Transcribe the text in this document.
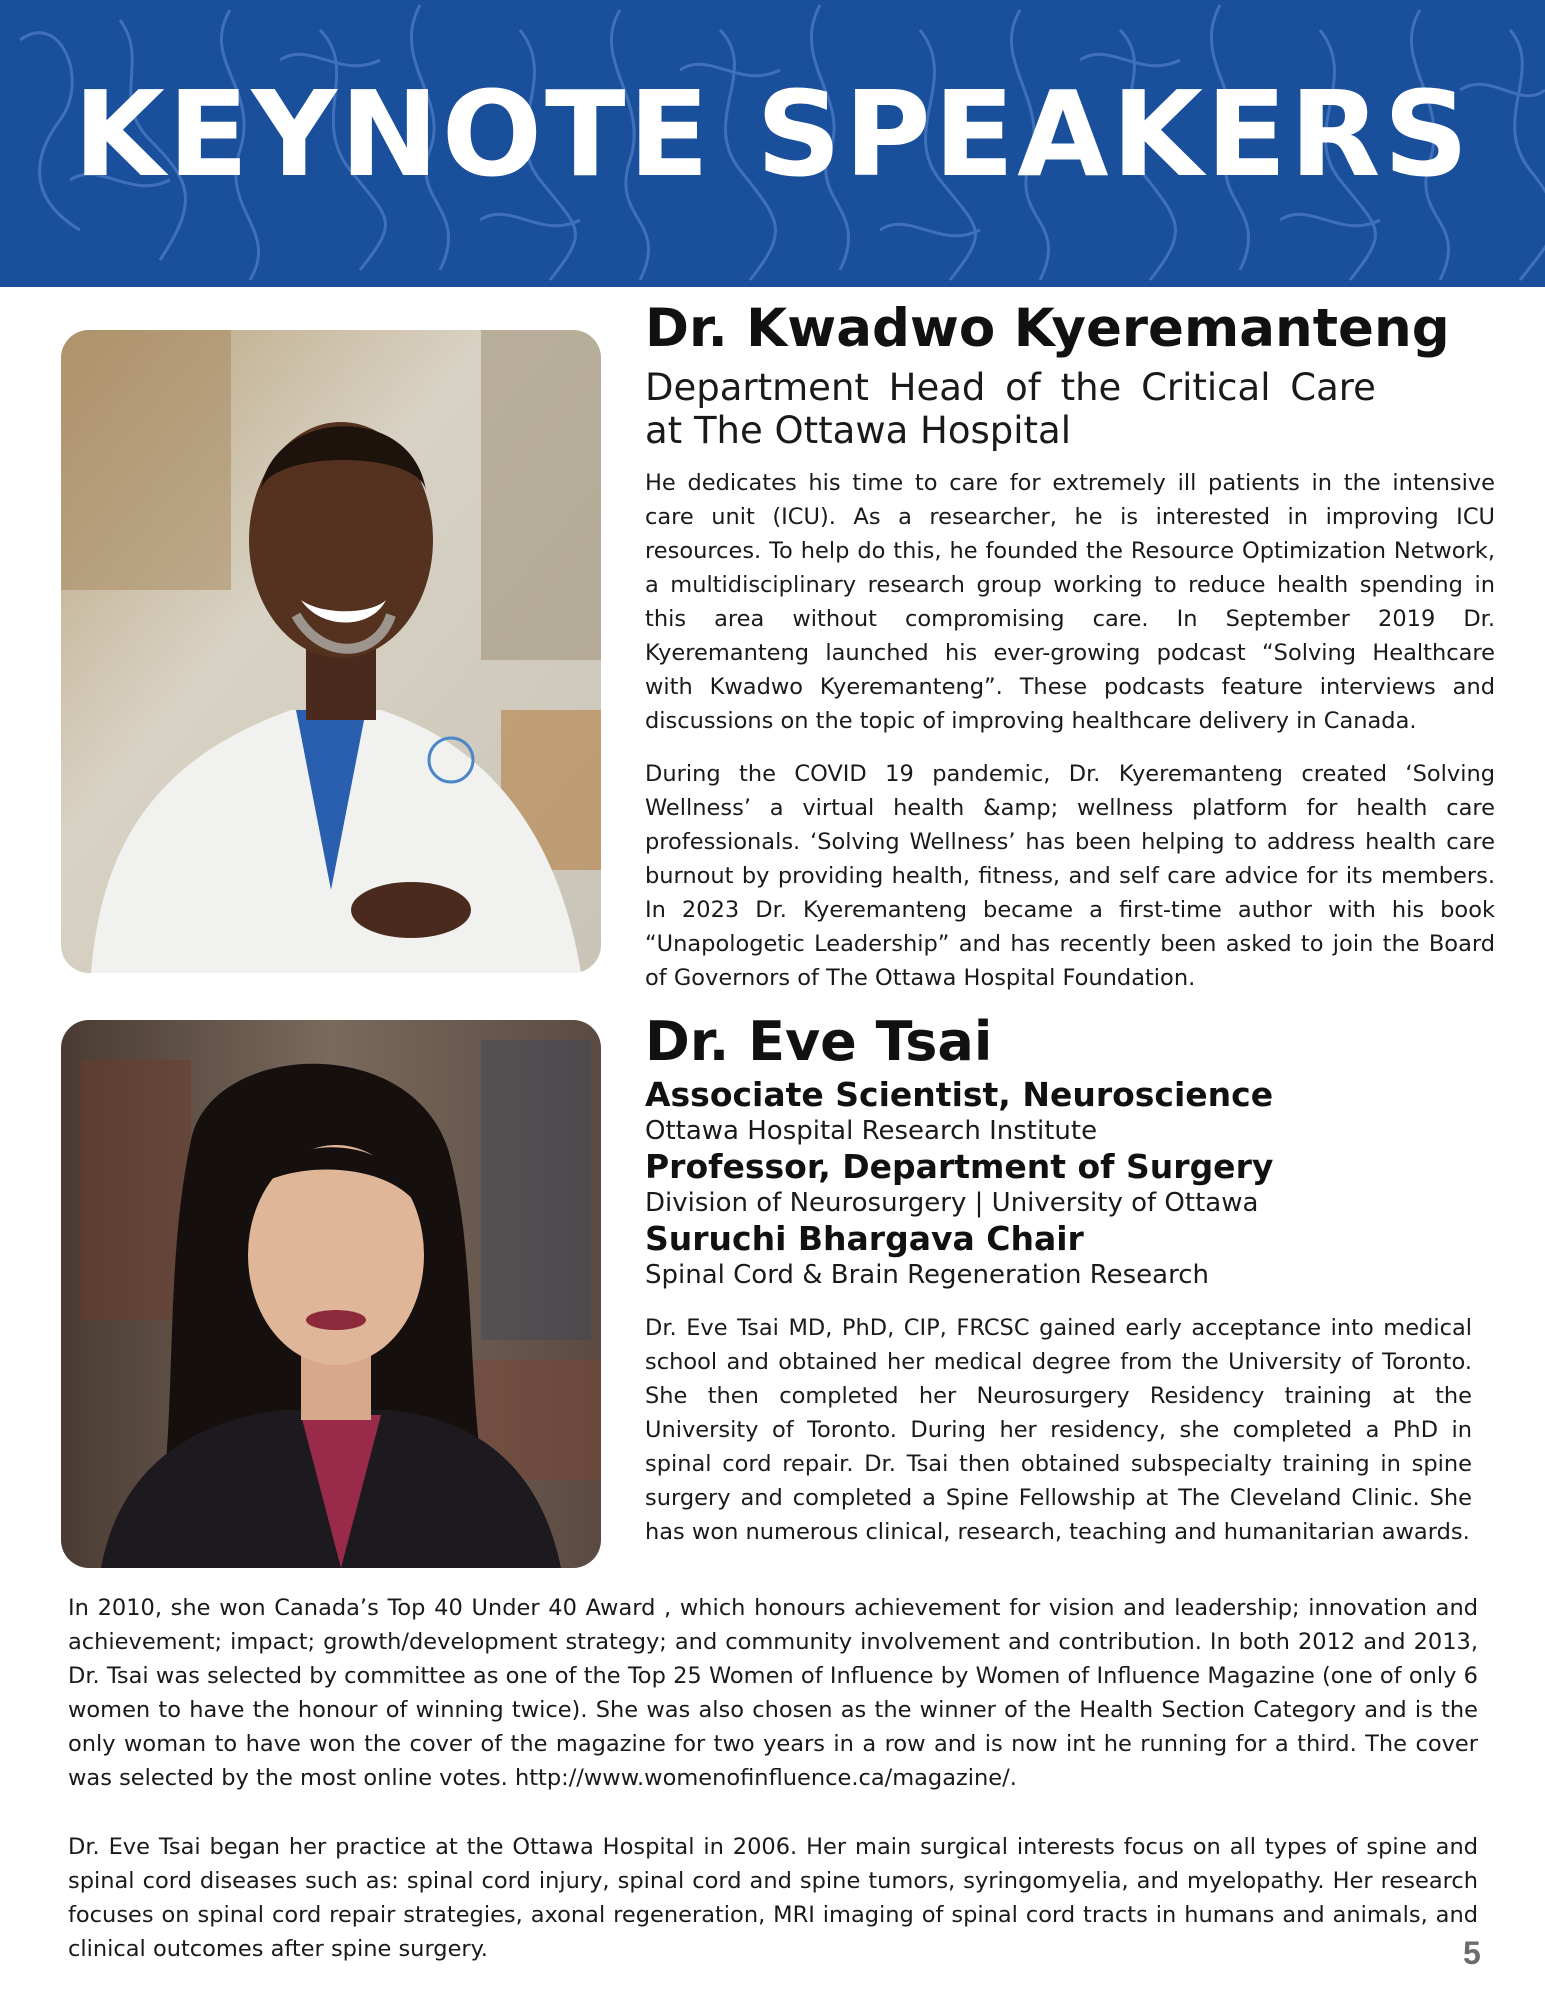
KEYNOTE SPEAKERS
Dr. Kwadwo Kyeremanteng

Department Head of the Critical Care
at The Ottawa Hospital

He dedicates his time to care for extremely ill patients in the intensive care unit (ICU). As a researcher, he is interested in improving ICU resources. To help do this, he founded the Resource Optimization Network, a multidisciplinary research group working to reduce health spending in this area without compromising care. In September 2019 Dr. Kyeremanteng launched his ever-growing podcast “Solving Healthcare with Kwadwo Kyeremanteng”. These podcasts feature interviews and discussions on the topic of improving healthcare delivery in Canada.

During the COVID 19 pandemic, Dr. Kyeremanteng created ‘Solving Wellness’ a virtual health &amp; wellness platform for health care professionals. ‘Solving Wellness’ has been helping to address health care burnout by providing health, fitness, and self care advice for its members. In 2023 Dr. Kyeremanteng became a first-time author with his book “Unapologetic Leadership” and has recently been asked to join the Board of Governors of The Ottawa Hospital Foundation.

Dr. Eve Tsai
Associate Scientist, Neuroscience
Ottawa Hospital Research Institute
Professor, Department of Surgery
Division of Neurosurgery | University of Ottawa
Suruchi Bhargava Chair
Spinal Cord & Brain Regeneration Research

Dr. Eve Tsai MD, PhD, CIP, FRCSC gained early acceptance into medical school and obtained her medical degree from the University of Toronto. She then completed her Neurosurgery Residency training at the University of Toronto. During her residency, she completed a PhD in spinal cord repair. Dr. Tsai then obtained subspecialty training in spine surgery and completed a Spine Fellowship at The Cleveland Clinic. She has won numerous clinical, research, teaching and humanitarian awards.

In 2010, she won Canada’s Top 40 Under 40 Award , which honours achievement for vision and leadership; innovation and achievement; impact; growth/development strategy; and community involvement and contribution. In both 2012 and 2013, Dr. Tsai was selected by committee as one of the Top 25 Women of Influence by Women of Influence Magazine (one of only 6 women to have the honour of winning twice). She was also chosen as the winner of the Health Section Category and is the only woman to have won the cover of the magazine for two years in a row and is now int he running for a third. The cover was selected by the most online votes. http://www.womenofinfluence.ca/magazine/.

Dr. Eve Tsai began her practice at the Ottawa Hospital in 2006. Her main surgical interests focus on all types of spine and spinal cord diseases such as: spinal cord injury, spinal cord and spine tumors, syringomyelia, and myelopathy. Her research focuses on spinal cord repair strategies, axonal regeneration, MRI imaging of spinal cord tracts in humans and animals, and clinical outcomes after spine surgery.	5
